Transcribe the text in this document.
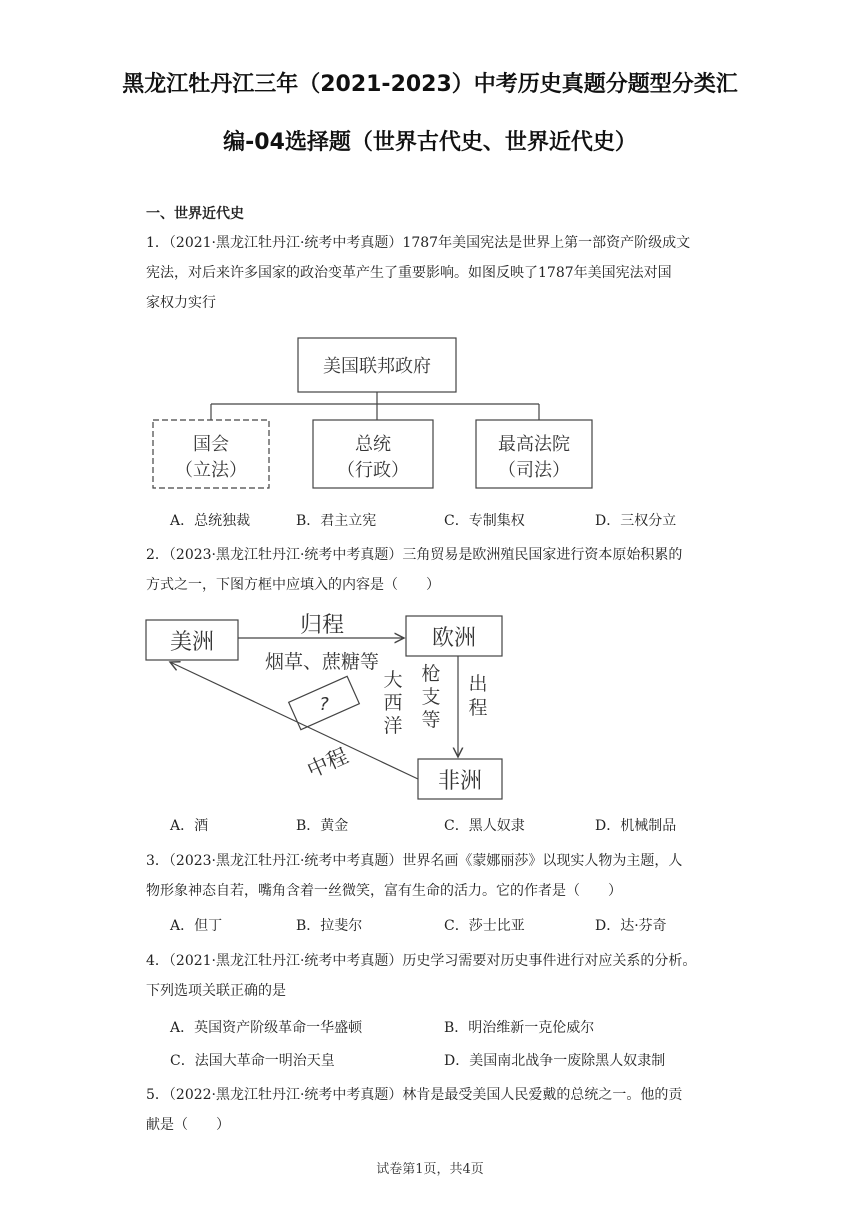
黑龙江牡丹江三年（2021-2023）中考历史真题分题型分类汇
编-04选择题（世界古代史、世界近代史）
一、世界近代史
1．（2021·黑龙江牡丹江·统考中考真题）1787年美国宪法是世界上第一部资产阶级成文
宪法，对后来许多国家的政治变革产生了重要影响。如图反映了1787年美国宪法对国
家权力实行
美国联邦政府
国会
（立法）
总统
（行政）
最高法院
（司法）
A．总统独裁	B．君主立宪	C．专制集权	D．三权分立
2．（2023·黑龙江牡丹江·统考中考真题）三角贸易是欧洲殖民国家进行资本原始积累的
方式之一，下图方框中应填入的内容是（　　）
美洲	欧洲
非洲
归程
烟草、蔗糖等
大
西
洋
枪
支
等
出
程
?
中程
A．酒	B．黄金	C．黑人奴隶	D．机械制品
3．（2023·黑龙江牡丹江·统考中考真题）世界名画《蒙娜丽莎》以现实人物为主题，人
物形象神态自若，嘴角含着一丝微笑，富有生命的活力。它的作者是（　　）
A．但丁	B．拉斐尔	C．莎士比亚	D．达·芬奇
4．（2021·黑龙江牡丹江·统考中考真题）历史学习需要对历史事件进行对应关系的分析。
下列选项关联正确的是
A．英国资产阶级革命一华盛顿	B．明治维新一克伦威尔
C．法国大革命一明治天皇	D．美国南北战争一废除黑人奴隶制
5．（2022·黑龙江牡丹江·统考中考真题）林肯是最受美国人民爱戴的总统之一。他的贡
献是（　　）
试卷第1页，共4页
